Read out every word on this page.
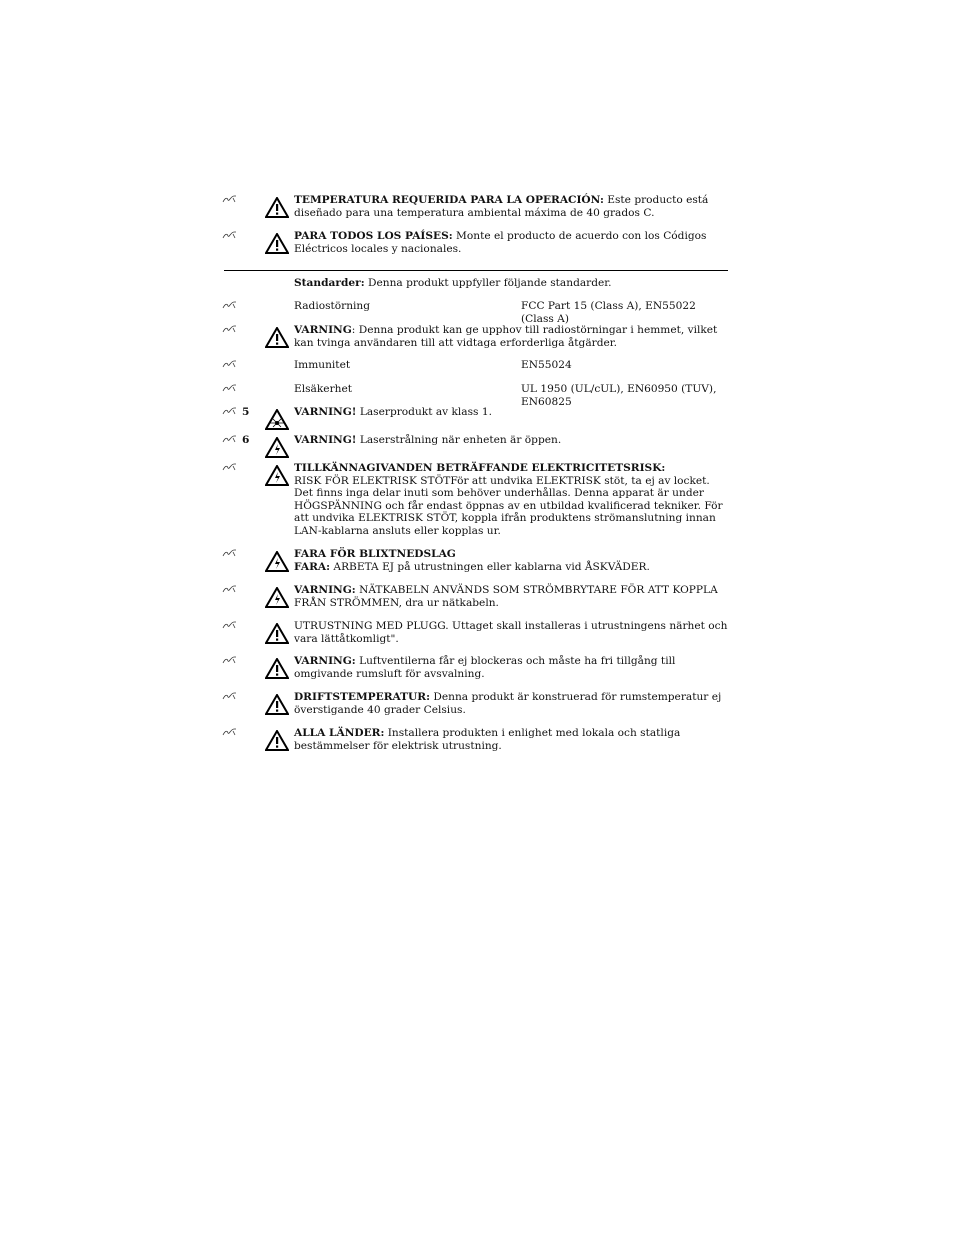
TEMPERATURA REQUERIDA PARA LA OPERACIÓN: Este producto está diseñado para una temperatura ambiental máxima de 40 grados C.
PARA TODOS LOS PAÍSES: Monte el producto de acuerdo con los Códigos Eléctricos locales y nacionales.
Standarder: Denna produkt uppfyller följande standarder.
Radiostörning	FCC Part 15 (Class A), EN55022 (Class A)
VARNING: Denna produkt kan ge upphov till radiostörningar i hemmet, vilket kan tvinga användaren till att vidtaga erforderliga åtgärder.
Immunitet	EN55024
Elsäkerhet	UL 1950 (UL/cUL), EN60950 (TUV), EN60825
5	VARNING! Laserprodukt av klass 1.
6	VARNING! Laserstrålning när enheten är öppen.
TILLKÄNNAGIVANDEN BETRÄFFANDE ELEKTRICITETSRISK:
RISK FÖR ELEKTRISK STÖTFör att undvika ELEKTRISK stöt, ta ej av locket. Det finns inga delar inuti som behöver underhållas. Denna apparat är under HÖGSPÄNNING och får endast öppnas av en utbildad kvalificerad tekniker. För att undvika ELEKTRISK STÖT, koppla ifrån produktens strömanslutning innan LAN-kablarna ansluts eller kopplas ur.
FARA FÖR BLIXTNEDSLAG
FARA: ARBETA EJ på utrustningen eller kablarna vid ÅSKVÄDER.
VARNING: NÄTKABELN ANVÄNDS SOM STRÖMBRYTARE FÖR ATT KOPPLA FRÅN STRÖMMEN, dra ur nätkabeln.
UTRUSTNING MED PLUGG. Uttaget skall installeras i utrustningens närhet och vara lättåtkomligt".
VARNING: Luftventilerna får ej blockeras och måste ha fri tillgång till omgivande rumsluft för avsvalning.
DRIFTSTEMPERATUR: Denna produkt är konstruerad för rumstemperatur ej överstigande 40 grader Celsius.
ALLA LÄNDER: Installera produkten i enlighet med lokala och statliga bestämmelser för elektrisk utrustning.
